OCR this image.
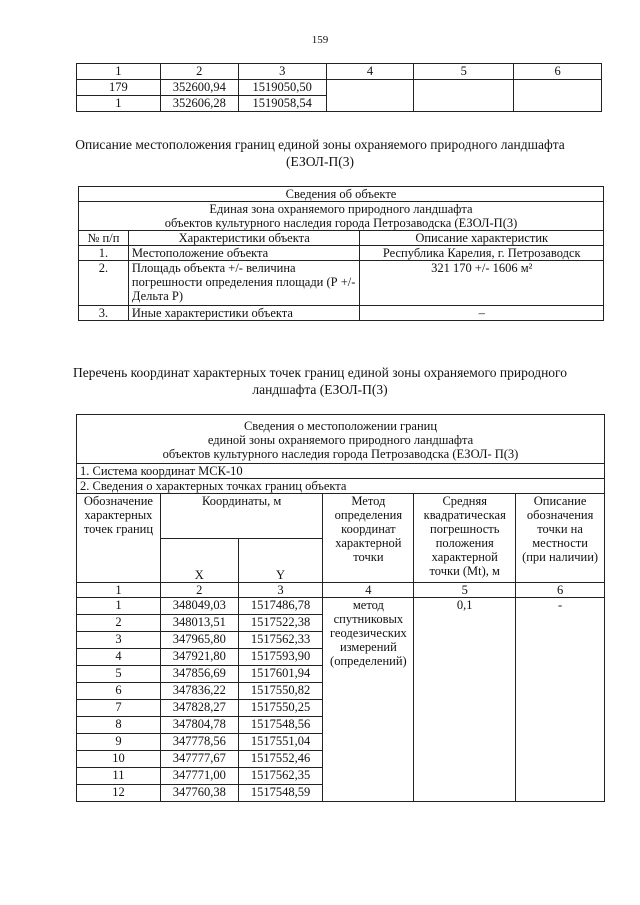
159
1	2	3	4	5	6
179	352600,94	1519050,50			
1	352606,28	1519058,54			
Описание местоположения границ единой зоны охраняемого природного ландшафта (ЕЗОЛ-П(3)
Сведения об объекте		

Единая зона охраняемого природного ландшафта
объектов культурного наследия города Петрозаводска (ЕЗОЛ-П(3)		

№ п/п	Характеристики объекта	Описание характеристик
1.	Местоположение объекта	Республика Карелия, г. Петрозаводск
2.	Площадь объекта +/- величина погрешности определения площади (Р +/- Дельта Р)	321 170 +/- 1606 м²
3.	Иные характеристики объекта	–
Перечень координат характерных точек границ единой зоны охраняемого природного ландшафта (ЕЗОЛ-П(3)
Сведения о местоположении границ
единой зоны охраняемого природного ландшафта
объектов культурного наследия города Петрозаводска (ЕЗОЛ- П(3)					

1. Система координат МСК-10					
2. Сведения о характерных точках границ объекта					
Обозначение характерных точек границ	Координаты, м		Метод определения координат характерной точки	Средняя квадратическая погрешность положения характерной точки (Mt), м	Описание обозначения точки на местности (при наличии)
	X	Y			
1	2	3	4	5	6
1	348049,03	1517486,78	метод спутниковых геодезических измерений (определений)	0,1	-
2	348013,51	1517522,38			
3	347965,80	1517562,33			
4	347921,80	1517593,90			
5	347856,69	1517601,94			
6	347836,22	1517550,82			
7	347828,27	1517550,25			
8	347804,78	1517548,56			
9	347778,56	1517551,04			
10	347777,67	1517552,46			
11	347771,00	1517562,35			
12	347760,38	1517548,59			
